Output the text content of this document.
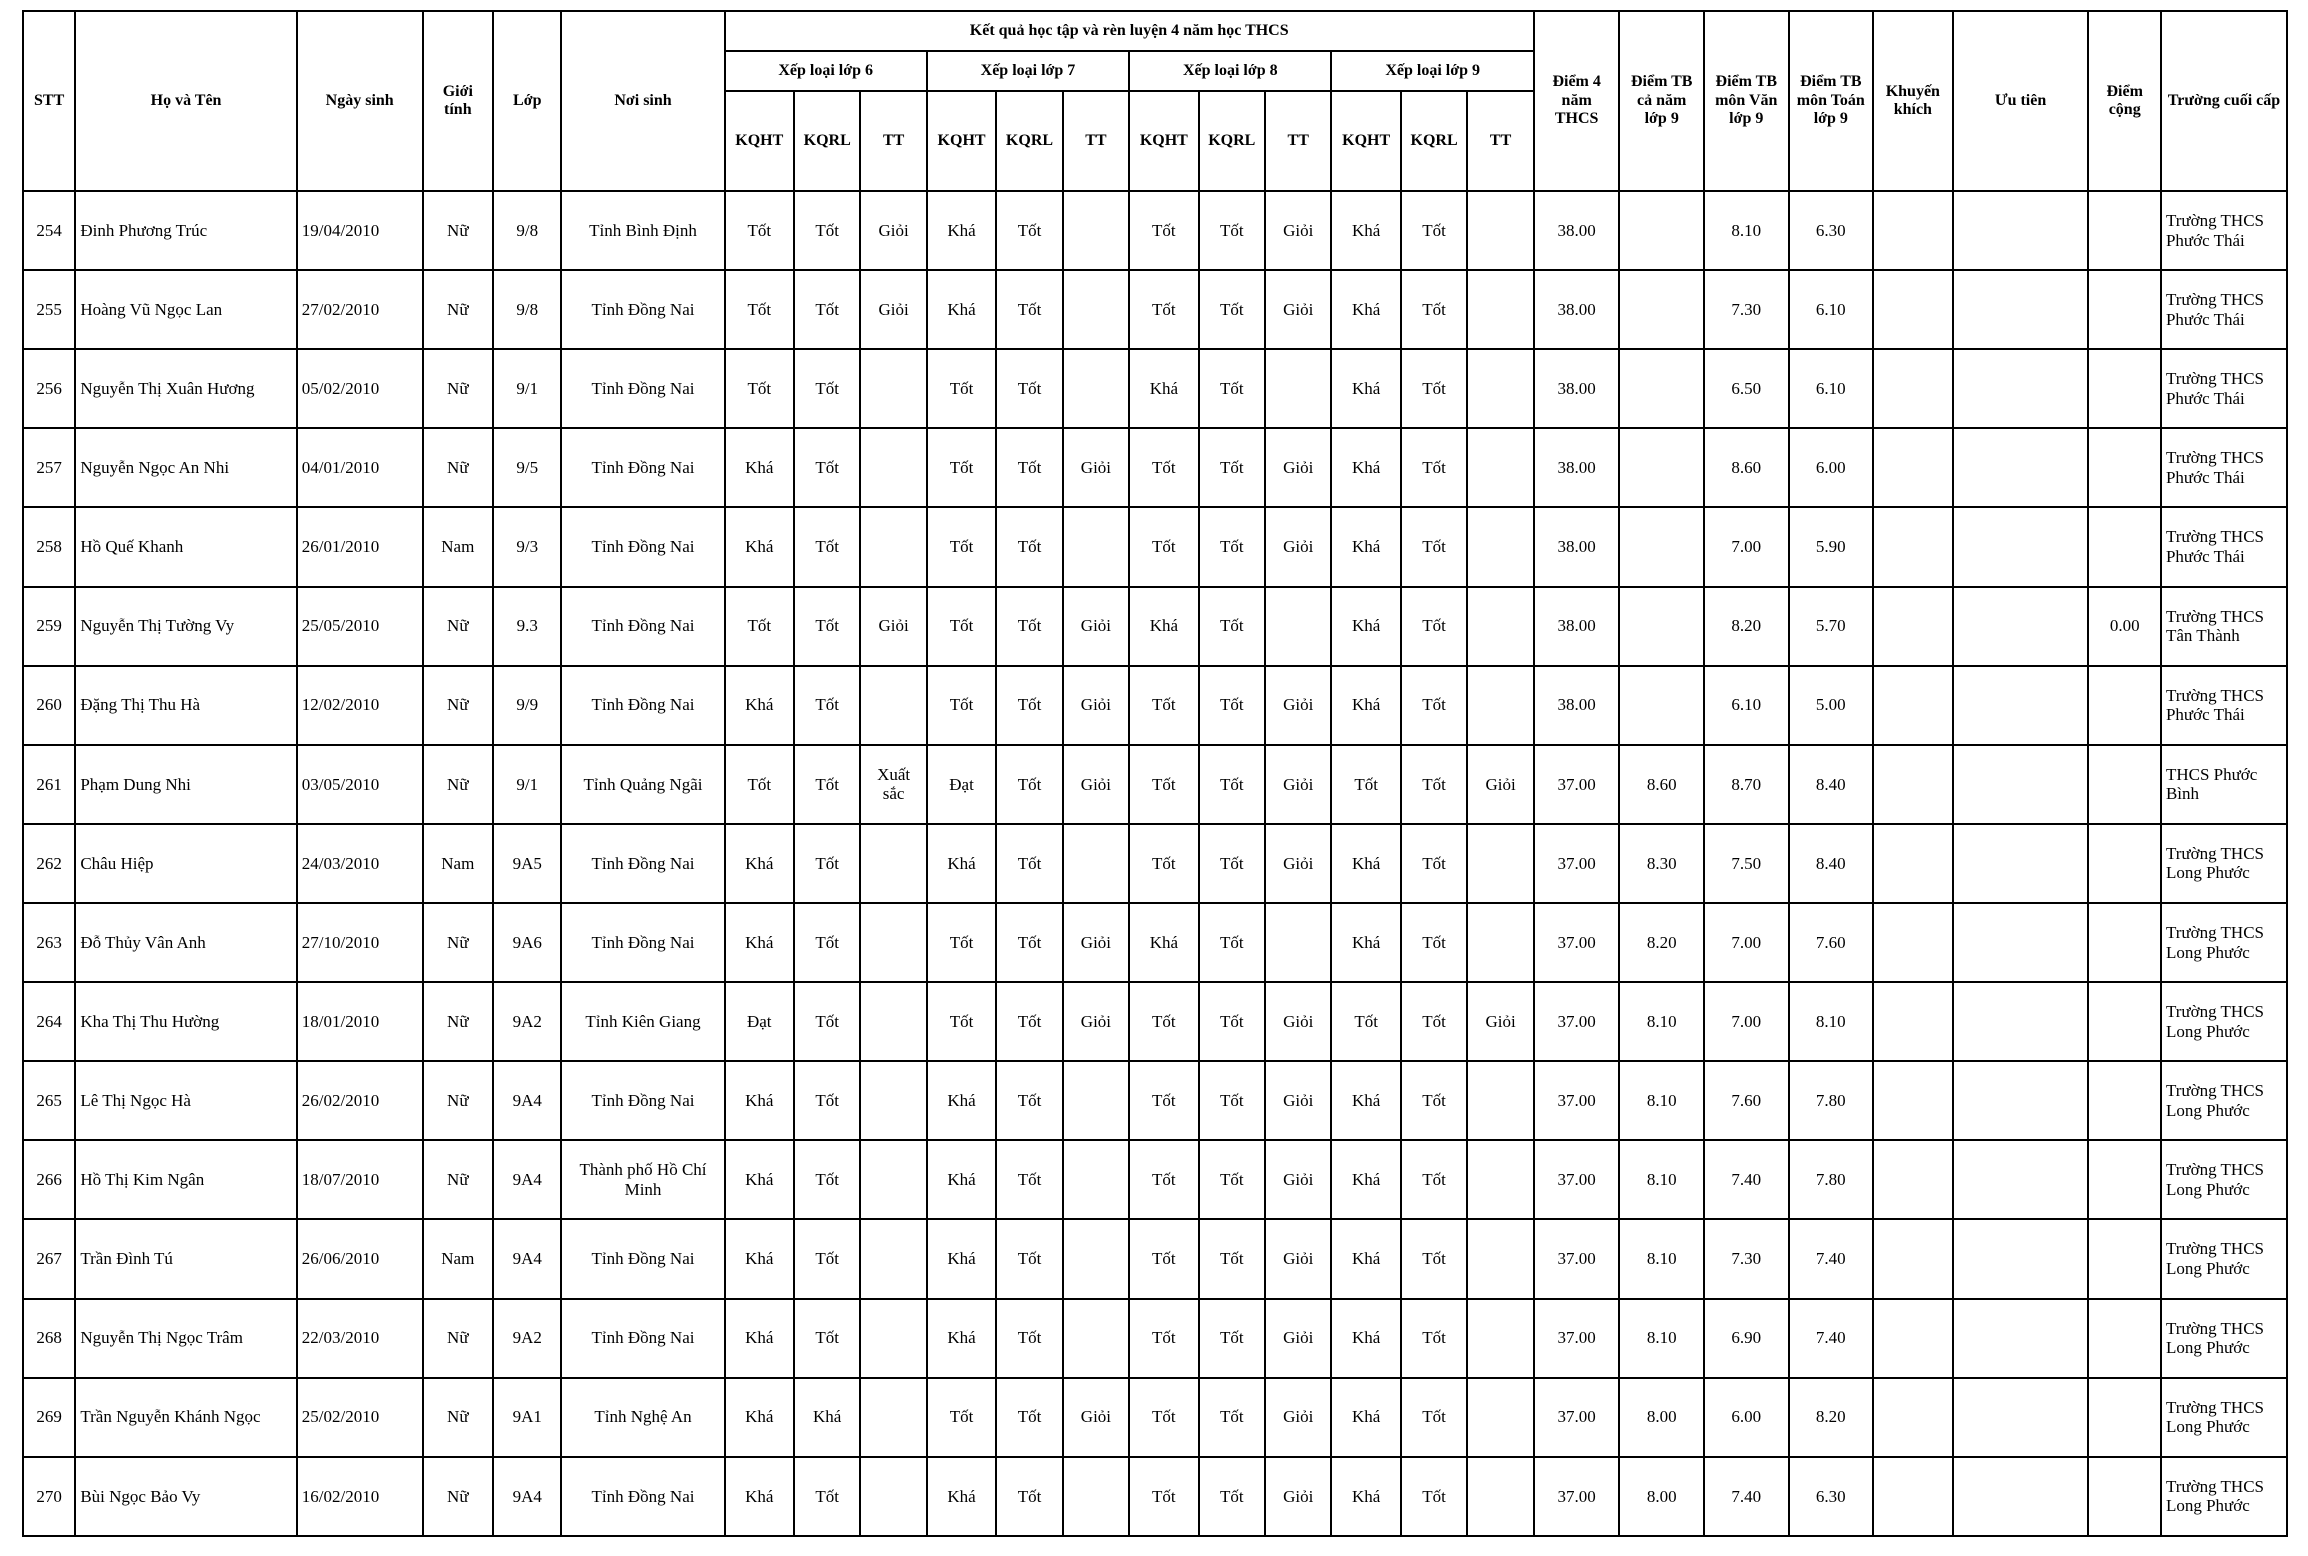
STT	Họ và Tên	Ngày sinh	Giới tính	Lớp	Nơi sinh	Kết quả học tập và rèn luyện 4 năm học THCS												Điểm 4 năm THCS	Điểm TB cả năm lớp 9	Điểm TB môn Văn lớp 9	Điểm TB môn Toán lớp 9	Khuyến khích	Ưu tiên	Điểm cộng	Trường cuối cấp
						Xếp loại lớp 6			Xếp loại lớp 7			Xếp loại lớp 8			Xếp loại lớp 9										
						KQHT	KQRL	TT	KQHT	KQRL	TT	KQHT	KQRL	TT	KQHT	KQRL	TT								
254	Đinh Phương Trúc	19/04/2010	Nữ	9/8	Tỉnh Bình Định	Tốt	Tốt	Giỏi	Khá	Tốt		Tốt	Tốt	Giỏi	Khá	Tốt		38.00		8.10	6.30				Trường THCS Phước Thái
255	Hoàng Vũ Ngọc Lan	27/02/2010	Nữ	9/8	Tỉnh Đồng Nai	Tốt	Tốt	Giỏi	Khá	Tốt		Tốt	Tốt	Giỏi	Khá	Tốt		38.00		7.30	6.10				Trường THCS Phước Thái
256	Nguyễn Thị Xuân Hương	05/02/2010	Nữ	9/1	Tỉnh Đồng Nai	Tốt	Tốt		Tốt	Tốt		Khá	Tốt		Khá	Tốt		38.00		6.50	6.10				Trường THCS Phước Thái
257	Nguyễn Ngọc An Nhi	04/01/2010	Nữ	9/5	Tỉnh Đồng Nai	Khá	Tốt		Tốt	Tốt	Giỏi	Tốt	Tốt	Giỏi	Khá	Tốt		38.00		8.60	6.00				Trường THCS Phước Thái
258	Hồ Quế Khanh	26/01/2010	Nam	9/3	Tỉnh Đồng Nai	Khá	Tốt		Tốt	Tốt		Tốt	Tốt	Giỏi	Khá	Tốt		38.00		7.00	5.90				Trường THCS Phước Thái
259	Nguyễn Thị Tường Vy	25/05/2010	Nữ	9.3	Tỉnh Đồng Nai	Tốt	Tốt	Giỏi	Tốt	Tốt	Giỏi	Khá	Tốt		Khá	Tốt		38.00		8.20	5.70			0.00	Trường THCS Tân Thành
260	Đặng Thị Thu Hà	12/02/2010	Nữ	9/9	Tỉnh Đồng Nai	Khá	Tốt		Tốt	Tốt	Giỏi	Tốt	Tốt	Giỏi	Khá	Tốt		38.00		6.10	5.00				Trường THCS Phước Thái
261	Phạm Dung Nhi	03/05/2010	Nữ	9/1	Tỉnh Quảng Ngãi	Tốt	Tốt	Xuất sắc	Đạt	Tốt	Giỏi	Tốt	Tốt	Giỏi	Tốt	Tốt	Giỏi	37.00	8.60	8.70	8.40				THCS Phước Bình
262	Châu Hiệp	24/03/2010	Nam	9A5	Tỉnh Đồng Nai	Khá	Tốt		Khá	Tốt		Tốt	Tốt	Giỏi	Khá	Tốt		37.00	8.30	7.50	8.40				Trường THCS Long Phước
263	Đỗ Thủy Vân Anh	27/10/2010	Nữ	9A6	Tỉnh Đồng Nai	Khá	Tốt		Tốt	Tốt	Giỏi	Khá	Tốt		Khá	Tốt		37.00	8.20	7.00	7.60				Trường THCS Long Phước
264	Kha Thị Thu Hường	18/01/2010	Nữ	9A2	Tỉnh Kiên Giang	Đạt	Tốt		Tốt	Tốt	Giỏi	Tốt	Tốt	Giỏi	Tốt	Tốt	Giỏi	37.00	8.10	7.00	8.10				Trường THCS Long Phước
265	Lê Thị Ngọc Hà	26/02/2010	Nữ	9A4	Tỉnh Đồng Nai	Khá	Tốt		Khá	Tốt		Tốt	Tốt	Giỏi	Khá	Tốt		37.00	8.10	7.60	7.80				Trường THCS Long Phước
266	Hồ Thị Kim Ngân	18/07/2010	Nữ	9A4	Thành phố Hồ Chí Minh	Khá	Tốt		Khá	Tốt		Tốt	Tốt	Giỏi	Khá	Tốt		37.00	8.10	7.40	7.80				Trường THCS Long Phước
267	Trần Đình Tú	26/06/2010	Nam	9A4	Tỉnh Đồng Nai	Khá	Tốt		Khá	Tốt		Tốt	Tốt	Giỏi	Khá	Tốt		37.00	8.10	7.30	7.40				Trường THCS Long Phước
268	Nguyễn Thị Ngọc Trâm	22/03/2010	Nữ	9A2	Tỉnh Đồng Nai	Khá	Tốt		Khá	Tốt		Tốt	Tốt	Giỏi	Khá	Tốt		37.00	8.10	6.90	7.40				Trường THCS Long Phước
269	Trần Nguyễn Khánh Ngọc	25/02/2010	Nữ	9A1	Tỉnh Nghệ An	Khá	Khá		Tốt	Tốt	Giỏi	Tốt	Tốt	Giỏi	Khá	Tốt		37.00	8.00	6.00	8.20				Trường THCS Long Phước
270	Bùi Ngọc Bảo Vy	16/02/2010	Nữ	9A4	Tỉnh Đồng Nai	Khá	Tốt		Khá	Tốt		Tốt	Tốt	Giỏi	Khá	Tốt		37.00	8.00	7.40	6.30				Trường THCS Long Phước
